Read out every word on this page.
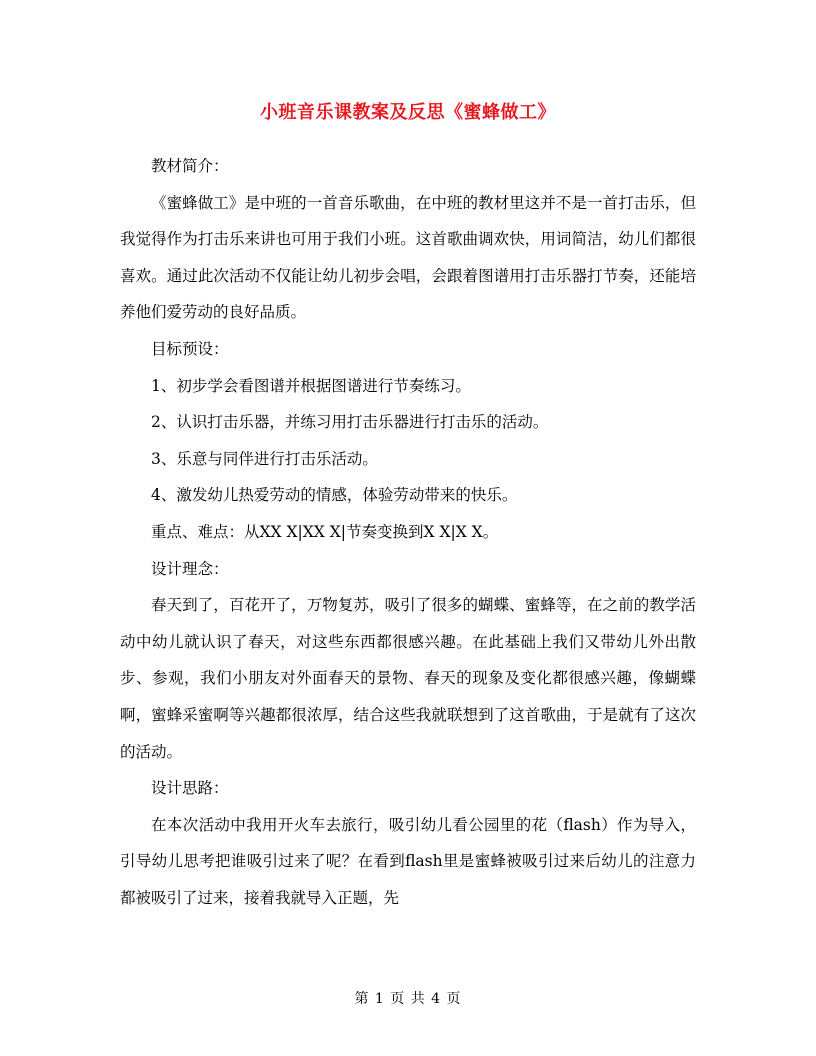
小班音乐课教案及反思《蜜蜂做工》

教材简介：

《蜜蜂做工》是中班的一首音乐歌曲，在中班的教材里这并不是一首打击乐，但我觉得作为打击乐来讲也可用于我们小班。这首歌曲调欢快，用词简洁，幼儿们都很喜欢。通过此次活动不仅能让幼儿初步会唱，会跟着图谱用打击乐器打节奏，还能培养他们爱劳动的良好品质。

目标预设：

1、初步学会看图谱并根据图谱进行节奏练习。

2、认识打击乐器，并练习用打击乐器进行打击乐的活动。

3、乐意与同伴进行打击乐活动。

4、激发幼儿热爱劳动的情感，体验劳动带来的快乐。

重点、难点：从XX X|XX X|节奏变换到X X|X X。

设计理念：

春天到了，百花开了，万物复苏，吸引了很多的蝴蝶、蜜蜂等，在之前的教学活动中幼儿就认识了春天，对这些东西都很感兴趣。在此基础上我们又带幼儿外出散步、参观，我们小朋友对外面春天的景物、春天的现象及变化都很感兴趣，像蝴蝶啊，蜜蜂采蜜啊等兴趣都很浓厚，结合这些我就联想到了这首歌曲，于是就有了这次的活动。

设计思路：

在本次活动中我用开火车去旅行，吸引幼儿看公园里的花（flash）作为导入，引导幼儿思考把谁吸引过来了呢？在看到flash里是蜜蜂被吸引过来后幼儿的注意力都被吸引了过来，接着我就导入正题，先

第 1 页 共 4 页
